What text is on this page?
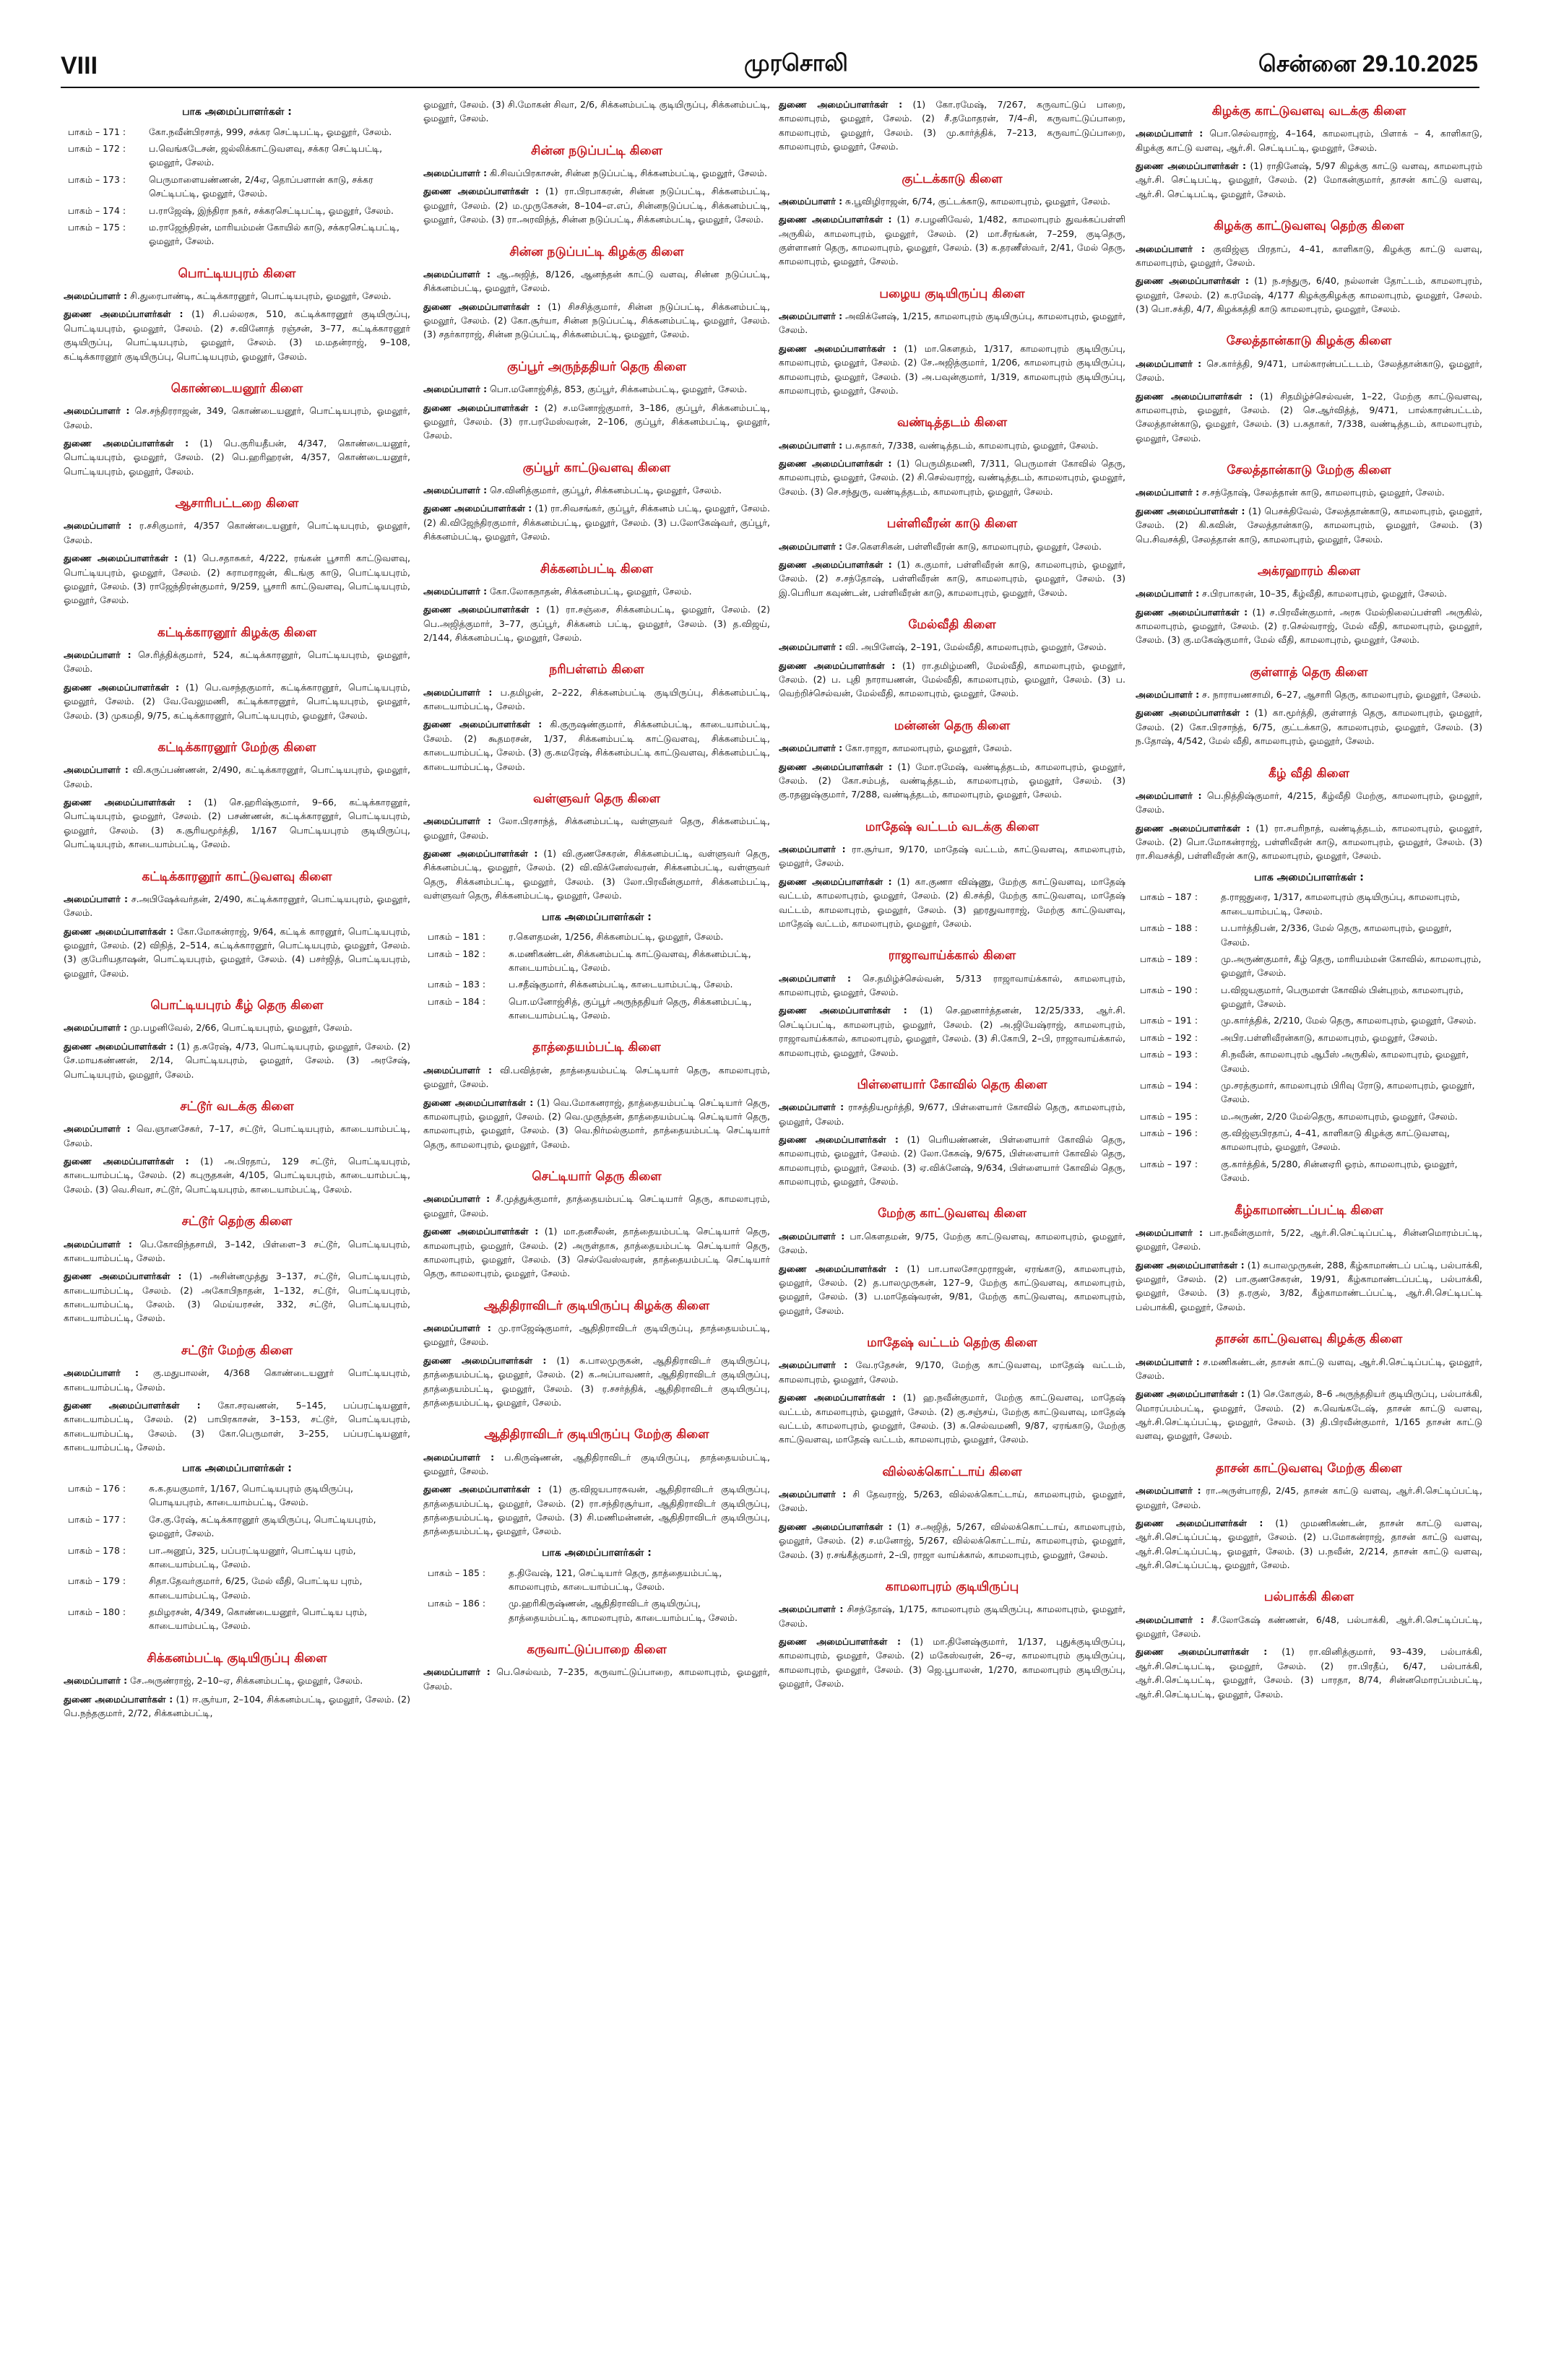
VIII	முரசொலி	சென்னை 29.10.2025
பாக அமைப்பாளர்கள் :
பாகம் – 171 :	கோ.நவீன்பிரசாத், 999, சக்கர செட்டிபட்டி, ஓமலூர், சேலம்.
பாகம் – 172 :	ப.வெங்கடேசன், ஜல்லிக்காட்டுவளவு, சக்கர செட்டிபட்டி, ஓமலூர், சேலம்.
பாகம் – 173 :	பெருமாளையண்ணன், 2/4ஏ, தொப்பளான் காடு, சக்கர செட்டிபட்டி, ஓமலூர், சேலம்.
பாகம் – 174 :	ப.ராஜேஷ், இந்திரா நகர், சக்கரசெட்டிபட்டி, ஓமலூர், சேலம்.
பாகம் – 175 :	ம.ராஜேந்திரன், மாரியம்மன் கோயில் காடு, சக்கரசெட்டிபட்டி, ஓமலூர், சேலம்.
பொட்டியபுரம் கிளை

அமைப்பாளர் : சி.துரைபாண்டி, கட்டிக்காரனூர், பொட்டியபுரம், ஓமலூர், சேலம்.

துணை அமைப்பாளர்கள் : (1) சி.பல்லரசு, 510, கட்டிக்காரனூர் குடியிருப்பு, பொட்டியபுரம், ஓமலூர், சேலம். (2) ச.வினோத் ரஞ்சன், 3–77, கட்டிக்காரனூர் குடியிருப்பு, பொட்டியபுரம், ஓமலூர், சேலம். (3) ம.மதன்ராஜ், 9–108, கட்டிக்காரனூர் குடியிருப்பு, பொட்டியபுரம், ஓமலூர், சேலம்.

கொண்டையனூர் கிளை

அமைப்பாளர் : செ.சந்திரராஜன், 349, கொண்டையனூர், பொட்டியபுரம், ஓமலூர், சேலம்.

துணை அமைப்பாளர்கள் : (1) பெ.குரியதீபன், 4/347, கொண்டையனூர், பொட்டியபுரம், ஓமலூர், சேலம். (2) பெ.ஹரிஹரன், 4/357, கொண்டையனூர், பொட்டியபுரம், ஓமலூர், சேலம்.

ஆசாரிபட்டறை கிளை

அமைப்பாளர் : ர.சசிகுமார், 4/357 கொண்டையனூர், பொட்டியபுரம், ஓமலூர், சேலம்.

துணை அமைப்பாளர்கள் : (1) பெ.சதாசுகர், 4/222, ரங்கன் பூசாரி காட்டுவளவு, பொட்டியபுரம், ஓமலூர், சேலம். (2) சுராமராஜன், கிடங்கு காடு, பொட்டியபுரம், ஓமலூர், சேலம். (3) ராஜேந்திரன்குமார், 9/259, பூசாரி காட்டுவளவு, பொட்டியபுரம், ஓமலூர், சேலம்.

கட்டிக்காரனூர் கிழக்கு கிளை

அமைப்பாளர் : செ.ரித்திக்குமார், 524, கட்டிக்காரனூர், பொட்டியபுரம், ஓமலூர், சேலம்.

துணை அமைப்பாளர்கள் : (1) பெ.வசந்தகுமார், கட்டிக்காரனூர், பொட்டியபுரம், ஓமலூர், சேலம். (2) வே.வேலுமணி, கட்டிக்காரனூர், பொட்டியபுரம், ஓமலூர், சேலம். (3) முகமதி, 9/75, கட்டிக்காரனூர், பொட்டியபுரம், ஓமலூர், சேலம்.

கட்டிக்காரனூர் மேற்கு கிளை

அமைப்பாளர் : வி.கருப்பண்ணன், 2/490, கட்டிக்காரனூர், பொட்டியபுரம், ஓமலூர், சேலம்.

துணை அமைப்பாளர்கள் : (1) செ.ஹரிஷ்குமார், 9–66, கட்டிக்காரனூர், பொட்டியபுரம், ஓமலூர், சேலம். (2) பசண்ணன், கட்டிக்காரனூர், பொட்டியபுரம், ஓமலூர், சேலம். (3) சு.சூரியமூர்த்தி, 1/167 பொட்டியபுரம் குடியிருப்பு, பொட்டியபுரம், காடையாம்பட்டி, சேலம்.

கட்டிக்காரனூர் காட்டுவளவு கிளை

அமைப்பாளர் : ச.அபிஷேக்வர்தன், 2/490, கட்டிக்காரனூர், பொட்டியபுரம், ஓமலூர், சேலம்.

துணை அமைப்பாளர்கள் : கோ.மோகன்ராஜ், 9/64, கட்டிக் காரனூர், பொட்டியபுரம், ஓமலூர், சேலம். (2) விநித், 2–514, கட்டிக்காரனூர், பொட்டியபுரம், ஓமலூர், சேலம். (3) குபேரியதாஷன், பொட்டியபுரம், ஓமலூர், சேலம். (4) பசர்ஜித், பொட்டியபுரம், ஓமலூர், சேலம்.

பொட்டியபுரம் கீழ் தெரு கிளை

அமைப்பாளர் : மு.பழனிவேல், 2/66, பொட்டியபுரம், ஓமலூர், சேலம்.

துணை அமைப்பாளர்கள் : (1) த.சுரேஷ், 4/73, பொட்டியபுரம், ஓமலூர், சேலம். (2) சே.மாயகண்ணன், 2/14, பொட்டியபுரம், ஓமலூர், சேலம். (3) அரசேஷ், பொட்டியபுரம், ஓமலூர், சேலம்.

சட்டூர் வடக்கு கிளை

அமைப்பாளர் : வெ.ஞானசேகர், 7–17, சட்டூர், பொட்டியபுரம், காடையாம்பட்டி, சேலம்.

துணை அமைப்பாளர்கள் : (1) அ.பிரதாப், 129 சட்டூர், பொட்டியபுரம், காடையாம்பட்டி, சேலம். (2) கபுருதகன், 4/105, பொட்டியபுரம், காடையாம்பட்டி, சேலம். (3) வெ.சிவா, சட்டூர், பொட்டியபுரம், காடையாம்பட்டி, சேலம்.

சட்டூர் தெற்கு கிளை

அமைப்பாளர் : பெ.கோவிந்தசாமி, 3–142, பிள்ளை–3 சட்டூர், பொட்டியபுரம், காடையாம்பட்டி, சேலம்.

துணை அமைப்பாளர்கள் : (1) அசின்னமுத்து 3–137, சட்டூர், பொட்டியபுரம், காடையாம்பட்டி, சேலம். (2) அகோபிநாதன், 1–132, சட்டூர், பொட்டியபுரம், காடையாம்பட்டி, சேலம். (3) மெய்யரசன், 332, சட்டூர், பொட்டியபுரம், காடையாம்பட்டி, சேலம்.

சட்டூர் மேற்கு கிளை

அமைப்பாளர் : கு.மதுபாலன், 4/368 கொண்டையனூர் பொட்டியபுரம், காடையாம்பட்டி, சேலம்.

துணை அமைப்பாளர்கள் : கோ.சரவணன், 5–145, பப்பரட்டியனூர், காடையாம்பட்டி, சேலம். (2) பாபிரகாசன், 3–153, சட்டூர், பொட்டியபுரம், காடையாம்பட்டி, சேலம். (3) கோ.பெருமாள், 3–255, பப்பரட்டியனூர், காடையாம்பட்டி, சேலம்.

பாக அமைப்பாளர்கள் :
பாகம் – 176 :	சு.க.தயகுமார், 1/167, பொட்டியபுரம் குடியிருப்பு, பொடியபுரம், காடையாம்பட்டி, சேலம்.
பாகம் – 177 :	சே.கு.ரேஷ், கட்டிக்காரனூர் குடியிருப்பு, பொட்டியபுரம், ஓமலூர், சேலம்.
பாகம் – 178 :	பா.அனூப், 325, பப்பரட்டியனூர், பொட்டிய புரம், காடையாம்பட்டி, சேலம்.
பாகம் – 179 :	சிதா.தேவர்குமார், 6/25, மேல் வீதி, பொட்டிய புரம், காடையாம்பட்டி, சேலம்.
பாகம் – 180 :	தமிழரசன், 4/349, கொண்டையனூர், பொட்டிய புரம், காடையாம்பட்டி, சேலம்.
சிக்கனம்பட்டி குடியிருப்பு கிளை

அமைப்பாளர் : சே.அருண்ராஜ், 2–10–ஏ, சிக்கனம்பட்டி, ஓமலூர், சேலம்.

துணை அமைப்பாளர்கள் : (1) ஈ.சூர்யா, 2–104, சிக்கனம்பட்டி, ஓமலூர், சேலம். (2) பெ.நந்தகுமார், 2/72, சிக்கனம்பட்டி,

ஓமலூர், சேலம். (3) சி.மோகன் சிவா, 2/6, சிக்கனம்பட்டி குடியிருப்பு, சிக்கனம்பட்டி, ஓமலூர், சேலம்.

சின்ன நடுப்பட்டி கிளை

அமைப்பாளர் : கி.சிவப்பிரகாசன், சின்ன நடுப்பட்டி, சிக்கனம்பட்டி, ஓமலூர், சேலம்.

துணை அமைப்பாளர்கள் : (1) ரா.பிரபாகரன், சின்ன நடுப்பட்டி, சிக்கனம்பட்டி, ஓமலூர், சேலம். (2) ம.முருகேசன், 8–104–எ.எப், சின்னநடுப்பட்டி, சிக்கனம்பட்டி, ஓமலூர், சேலம். (3) ரா.அரவிந்த், சின்ன நடுப்பட்டி, சிக்கனம்பட்டி, ஓமலூர், சேலம்.

சின்ன நடுப்பட்டி கிழக்கு கிளை

அமைப்பாளர் : ஆ.அஜித், 8/126, ஆனந்தன் காட்டு வளவு, சின்ன நடுப்பட்டி, சிக்கனம்பட்டி, ஓமலூர், சேலம்.

துணை அமைப்பாளர்கள் : (1) சிசசித்குமார், சின்ன நடுப்பட்டி, சிக்கனம்பட்டி, ஓமலூர், சேலம். (2) கோ.சூர்யா, சின்ன நடுப்பட்டி, சிக்கனம்பட்டி, ஓமலூர், சேலம். (3) சதர்காராஜ், சின்ன நடுப்பட்டி, சிக்கனம்பட்டி, ஓமலூர், சேலம்.

குப்பூர் அருந்ததியர் தெரு கிளை

அமைப்பாளர் : பொ.மனோஜ்சித், 853, குப்பூர், சிக்கனம்பட்டி, ஓமலூர், சேலம்.

துணை அமைப்பாளர்கள் : (2) ச.மனோஜ்குமார், 3–186, குப்பூர், சிக்கனம்பட்டி, ஓமலூர், சேலம். (3) ரா.பரமேஸ்வரன், 2–106, குப்பூர், சிக்கனம்பட்டி, ஓமலூர், சேலம்.

குப்பூர் காட்டுவளவு கிளை

அமைப்பாளர் : செ.வினித்குமார், குப்பூர், சிக்கனம்பட்டி, ஓமலூர், சேலம்.

துணை அமைப்பாளர்கள் : (1) ரா.சிவசங்கர், குப்பூர், சிக்கனம் பட்டி, ஓமலூர், சேலம். (2) கி.விஜேந்திரகுமார், சிக்கனம்பட்டி, ஓமலூர், சேலம். (3) ப.லோகேஷ்வர், குப்பூர், சிக்கனம்பட்டி, ஓமலூர், சேலம்.

சிக்கனம்பட்டி கிளை

அமைப்பாளர் : கோ.லோகநாதன், சிக்கனம்பட்டி, ஓமலூர், சேலம்.

துணை அமைப்பாளர்கள் : (1) ரா.சஞ்சை, சிக்கனம்பட்டி, ஓமலூர், சேலம். (2) பெ.அஜித்குமார், 3–77, குப்பூர், சிக்கனம் பட்டி, ஓமலூர், சேலம். (3) த.விஜய், 2/144, சிக்கனம்பட்டி, ஓமலூர், சேலம்.

நரிபள்ளம் கிளை

அமைப்பாளர் : ப.தமிழன், 2–222, சிக்கனம்பட்டி குடியிருப்பு, சிக்கனம்பட்டி, காடையாம்பட்டி, சேலம்.

துணை அமைப்பாளர்கள் : கி.குருஷண்குமார், சிக்கனம்பட்டி, காடையாம்பட்டி, சேலம். (2) கூதமரசன், 1/37, சிக்கனம்பட்டி காட்டுவளவு, சிக்கனம்பட்டி, காடையாம்பட்டி, சேலம். (3) கு.சுமரேஷ், சிக்கனம்பட்டி காட்டுவளவு, சிக்கனம்பட்டி, காடையாம்பட்டி, சேலம்.

வள்ளுவர் தெரு கிளை

அமைப்பாளர் : லோ.பிரசாந்த், சிக்கனம்பட்டி, வள்ளுவர் தெரு, சிக்கனம்பட்டி, ஓமலூர், சேலம்.

துணை அமைப்பாளர்கள் : (1) வி.குணசேகரன், சிக்கனம்பட்டி, வள்ளுவர் தெரு, சிக்கனம்பட்டி, ஓமலூர், சேலம். (2) வி.விக்னேஸ்வரன், சிக்கனம்பட்டி, வள்ளுவர் தெரு, சிக்கனம்பட்டி, ஓமலூர், சேலம். (3) லோ.பிரவீன்குமார், சிக்கனம்பட்டி, வள்ளுவர் தெரு, சிக்கனம்பட்டி, ஓமலூர், சேலம்.

பாக அமைப்பாளர்கள் :
பாகம் – 181 :	ர.கௌதமன், 1/256, சிக்கனம்பட்டி, ஓமலூர், சேலம்.
பாகம் – 182 :	சு.மணிகண்டன், சிக்கனம்பட்டி காட்டுவளவு, சிக்கனம்பட்டி, காடையாம்பட்டி, சேலம்.
பாகம் – 183 :	ப.சதீஷ்குமார், சிக்கனம்பட்டி, காடையாம்பட்டி, சேலம்.
பாகம் – 184 :	பொ.மனோஜ்சித், குப்பூர் அருந்ததியர் தெரு, சிக்கனம்பட்டி, காடையாம்பட்டி, சேலம்.
தாத்தையம்பட்டி கிளை

அமைப்பாளர் : வி.பவித்ரன், தாத்தையம்பட்டி செட்டியார் தெரு, காமலாபுரம், ஓமலூர், சேலம்.

துணை அமைப்பாளர்கள் : (1) வெ.மோகனராஜ், தாத்தையம்பட்டி செட்டியார் தெரு, காமலாபுரம், ஓமலூர், சேலம். (2) வெ.முகுந்தன், தாத்தையம்பட்டி செட்டியார் தெரு, காமலாபுரம், ஓமலூர், சேலம். (3) வெ.நிர்மல்குமார், தாத்தையம்பட்டி செட்டியார் தெரு, காமலாபுரம், ஓமலூர், சேலம்.

செட்டியார் தெரு கிளை

அமைப்பாளர் : சீ.முத்துக்குமார், தாத்தையம்பட்டி செட்டியார் தெரு, காமலாபுரம், ஓமலூர், சேலம்.

துணை அமைப்பாளர்கள் : (1) மா.தனசீலன், தாத்தையம்பட்டி செட்டியார் தெரு, காமலாபுரம், ஓமலூர், சேலம். (2) அருள்தாசு, தாத்தையம்பட்டி செட்டியார் தெரு, காமலாபுரம், ஓமலூர், சேலம். (3) செல்வேஸ்வரன், தாத்தையம்பட்டி செட்டியார் தெரு, காமலாபுரம், ஓமலூர், சேலம்.

ஆதிதிராவிடர் குடியிருப்பு கிழக்கு கிளை

அமைப்பாளர் : மு.ராஜேஷ்குமார், ஆதிதிராவிடர் குடியிருப்பு, தாத்தையம்பட்டி, ஓமலூர், சேலம்.

துணை அமைப்பாளர்கள் : (1) சு.பாலமுருகன், ஆதிதிராவிடர் குடியிருப்பு, தாத்தையம்பட்டி, ஓமலூர், சேலம். (2) க.அப்பாவணர், ஆதிதிராவிடர் குடியிருப்பு, தாத்தையம்பட்டி, ஓமலூர், சேலம். (3) ர.சசர்த்திக், ஆதிதிராவிடர் குடியிருப்பு, தாத்தையம்பட்டி, ஓமலூர், சேலம்.

ஆதிதிராவிடர் குடியிருப்பு மேற்கு கிளை

அமைப்பாளர் : ப.கிருஷ்ணன், ஆதிதிராவிடர் குடியிருப்பு, தாத்தையம்பட்டி, ஓமலூர், சேலம்.

துணை அமைப்பாளர்கள் : (1) கு.விஜயபாரசுவன், ஆதிதிராவிடர் குடியிருப்பு, தாத்தையம்பட்டி, ஓமலூர், சேலம். (2) ரா.சந்திரசூர்யா, ஆதிதிராவிடர் குடியிருப்பு, தாத்தையம்பட்டி, ஓமலூர், சேலம். (3) சி.மணிமன்னன், ஆதிதிராவிடர் குடியிருப்பு, தாத்தையம்பட்டி, ஓமலூர், சேலம்.

பாக அமைப்பாளர்கள் :
பாகம் – 185 :	த.திவேஷ், 121, செட்டியார் தெரு, தாத்தையம்பட்டி, காமலாபுரம், காடையாம்பட்டி, சேலம்.
பாகம் – 186 :	மு.ஹரிகிருஷ்ணன், ஆதிதிராவிடர் குடியிருப்பு, தாத்தையம்பட்டி, காமலாபுரம், காடையாம்பட்டி, சேலம்.
கருவாட்டுப்பாறை கிளை

அமைப்பாளர் : பெ.செல்வம், 7–235, கருவாட்டுப்பாறை, காமலாபுரம், ஓமலூர், சேலம்.

துணை அமைப்பாளர்கள் : (1) கோ.ரமேஷ், 7/267, கருவாட்டுப் பாறை, காமலாபுரம், ஓமலூர், சேலம். (2) சீ.தமோதரன், 7/4–சி, கருவாட்டுப்பாறை, காமலாபுரம், ஓமலூர், சேலம். (3) மு.கார்த்திக், 7–213, கருவாட்டுப்பாறை, காமலாபுரம், ஓமலூர், சேலம்.

குட்டக்காடு கிளை

அமைப்பாளர் : சு.பூவிழிராஜன், 6/74, குட்டக்காடு, காமலாபுரம், ஓமலூர், சேலம்.

துணை அமைப்பாளர்கள் : (1) ச.பழனிவேல், 1/482, காமலாபுரம் துவக்கப்பள்ளி அருகில், காமலாபுரம், ஓமலூர், சேலம். (2) மா.சீரங்கன், 7–259, குடிதெரு, குள்ளானர் தெரு, காமலாபுரம், ஓமலூர், சேலம். (3) க.தரணீஸ்வர், 2/41, மேல் தெரு, காமலாபுரம், ஓமலூர், சேலம்.

பழைய குடியிருப்பு கிளை

அமைப்பாளர் : அவிக்னேஷ், 1/215, காமலாபுரம் குடியிருப்பு, காமலாபுரம், ஓமலூர், சேலம்.

துணை அமைப்பாளர்கள் : (1) மா.கௌதம், 1/317, காமலாபுரம் குடியிருப்பு, காமலாபுரம், ஓமலூர், சேலம். (2) சே.அஜித்குமார், 1/206, காமலாபுரம் குடியிருப்பு, காமலாபுரம், ஓமலூர், சேலம். (3) அ.பவுன்குமார், 1/319, காமலாபுரம் குடியிருப்பு, காமலாபுரம், ஓமலூர், சேலம்.

வண்டித்தடம் கிளை

அமைப்பாளர் : ப.சுதாகர், 7/338, வண்டித்தடம், காமலாபுரம், ஓமலூர், சேலம்.

துணை அமைப்பாளர்கள் : (1) பெருமிதமணி, 7/311, பெருமாள் கோவில் தெரு, காமலாபுரம், ஓமலூர், சேலம். (2) சி.செல்வராஜ், வண்டித்தடம், காமலாபுரம், ஓமலூர், சேலம். (3) செ.சந்துரு, வண்டித்தடம், காமலாபுரம், ஓமலூர், சேலம்.

பள்ளிவீரன் காடு கிளை

அமைப்பாளர் : சே.கௌசிகன், பள்ளிவீரன் காடு, காமலாபுரம், ஓமலூர், சேலம்.

துணை அமைப்பாளர்கள் : (1) சு.குமார், பள்ளிவீரன் காடு, காமலாபுரம், ஓமலூர், சேலம். (2) ச.சந்தோஷ், பள்ளிவீரன் காடு, காமலாபுரம், ஓமலூர், சேலம். (3) இ.பெரியா கவுண்டன், பள்ளிவீரன் காடு, காமலாபுரம், ஓமலூர், சேலம்.

மேல்வீதி கிளை

அமைப்பாளர் : வி. அபினேஷ், 2–191, மேல்வீதி, காமலாபுரம், ஓமலூர், சேலம்.

துணை அமைப்பாளர்கள் : (1) ரா.தமிழ்மணி, மேல்வீதி, காமலாபுரம், ஓமலூர், சேலம். (2) ப. புதி நாராயணன், மேல்வீதி, காமலாபுரம், ஓமலூர், சேலம். (3) ப. வெற்றிச்செல்வன், மேல்வீதி, காமலாபுரம், ஓமலூர், சேலம்.

மன்னன் தெரு கிளை

அமைப்பாளர் : கோ.ராஜா, காமலாபுரம், ஓமலூர், சேலம்.

துணை அமைப்பாளர்கள் : (1) மோ.ரமேஷ், வண்டித்தடம், காமலாபுரம், ஓமலூர், சேலம். (2) கோ.சம்பத், வண்டித்தடம், காமலாபுரம், ஓமலூர், சேலம். (3) கு.ரதனுஷ்குமார், 7/288, வண்டித்தடம், காமலாபுரம், ஓமலூர், சேலம்.

மாதேஷ் வட்டம் வடக்கு கிளை

அமைப்பாளர் : ரா.சூர்யா, 9/170, மாதேஷ் வட்டம், காட்டுவளவு, காமலாபுரம், ஓமலூர், சேலம்.

துணை அமைப்பாளர்கள் : (1) கா.குணா விஷ்ணு, மேற்கு காட்டுவளவு, மாதேஷ் வட்டம், காமலாபுரம், ஓமலூர், சேலம். (2) கி.சக்தி, மேற்கு காட்டுவளவு, மாதேஷ் வட்டம், காமலாபுரம், ஓமலூர், சேலம். (3) ஹரதுவாராஜ், மேற்கு காட்டுவளவு, மாதேஷ் வட்டம், காமலாபுரம், ஓமலூர், சேலம்.

ராஜாவாய்க்கால் கிளை

அமைப்பாளர் : செ.தமிழ்ச்செல்வன், 5/313 ராஜாவாய்க்கால், காமலாபுரம், காமலாபுரம், ஓமலூர், சேலம்.

துணை அமைப்பாளர்கள் : (1) செ.ஹனார்த்தனன், 12/25/333, ஆர்.சி. செட்டிப்பட்டி, காமலாபுரம், ஓமலூர், சேலம். (2) அ.ஜியேஷ்ராஜ், காமலாபுரம், ராஜாவாய்க்கால், காமலாபுரம், ஓமலூர், சேலம். (3) சி.கோபி, 2–பி, ராஜாவாய்க்கால், காமலாபுரம், ஓமலூர், சேலம்.

பிள்ளையார் கோவில் தெரு கிளை

அமைப்பாளர் : ராசத்தியமூர்த்தி, 9/677, பிள்ளையார் கோவில் தெரு, காமலாபுரம், ஓமலூர், சேலம்.

துணை அமைப்பாளர்கள் : (1) பெரியண்ணன், பிள்ளையார் கோவில் தெரு, காமலாபுரம், ஓமலூர், சேலம். (2) லோ.கேசுஷ், 9/675, பிள்ளையார் கோவில் தெரு, காமலாபுரம், ஓமலூர், சேலம். (3) ஏ.விக்னேஷ், 9/634, பிள்ளையார் கோவில் தெரு, காமலாபுரம், ஓமலூர், சேலம்.

மேற்கு காட்டுவளவு கிளை

அமைப்பாளர் : பா.கௌதமன், 9/75, மேற்கு காட்டுவளவு, காமலாபுரம், ஓமலூர், சேலம்.

துணை அமைப்பாளர்கள் : (1) பா.பாலசோமுராஜன், ஏரங்காடு, காமலாபுரம், ஓமலூர், சேலம். (2) த.பாலமுருகன், 127–9, மேற்கு காட்டுவளவு, காமலாபுரம், ஓமலூர், சேலம். (3) ப.மாதேஷ்வரன், 9/81, மேற்கு காட்டுவளவு, காமலாபுரம், ஓமலூர், சேலம்.

மாதேஷ் வட்டம் தெற்கு கிளை

அமைப்பாளர் : வே.ரதேசன், 9/170, மேற்கு காட்டுவளவு, மாதேஷ் வட்டம், காமலாபுரம், ஓமலூர், சேலம்.

துணை அமைப்பாளர்கள் : (1) ஹ.நவீன்குமார், மேற்கு காட்டுவளவு, மாதேஷ் வட்டம், காமலாபுரம், ஓமலூர், சேலம். (2) கு.சஞ்சய், மேற்கு காட்டுவளவு, மாதேஷ் வட்டம், காமலாபுரம், ஓமலூர், சேலம். (3) சு.செல்வமணி, 9/87, ஏரங்காடு, மேற்கு காட்டுவளவு, மாதேஷ் வட்டம், காமலாபுரம், ஓமலூர், சேலம்.

வில்லக்கொட்டாய் கிளை

அமைப்பாளர் : சி தேவராஜ், 5/263, வில்லக்கொட்டாய், காமலாபுரம், ஓமலூர், சேலம்.

துணை அமைப்பாளர்கள் : (1) ச.அஜித், 5/267, வில்லக்கொட்டாய், காமலாபுரம், ஓமலூர், சேலம். (2) ச.மனோஜ், 5/267, வில்லக்கொட்டாய், காமலாபுரம், ஓமலூர், சேலம். (3) ர.சங்கீத்குமார், 2–பி, ராஜா வாய்க்கால், காமலாபுரம், ஓமலூர், சேலம்.

காமலாபுரம் குடியிருப்பு

அமைப்பாளர் : சிசந்தோஷ், 1/175, காமலாபுரம் குடியிருப்பு, காமலாபுரம், ஓமலூர், சேலம்.

துணை அமைப்பாளர்கள் : (1) மா.தினேஷ்குமார், 1/137, புதுக்குடியிருப்பு, காமலாபுரம், ஓமலூர், சேலம். (2) மகேஸ்வரன், 26–ஏ, காமலாபுரம் குடியிருப்பு, காமலாபுரம், ஓமலூர், சேலம். (3) ஜெ.பூபாலன், 1/270, காமலாபுரம் குடியிருப்பு, ஓமலூர், சேலம்.

கிழக்கு காட்டுவளவு வடக்கு கிளை

அமைப்பாளர் : பொ.செல்வராஜ், 4–164, காமலாபுரம், பிளாக் – 4, காளிகாடு, கிழக்கு காட்டு வளவு, ஆர்.சி. செட்டிபட்டி, ஓமலூர், சேலம்.

துணை அமைப்பாளர்கள் : (1) ராதினேஷ், 5/97 கிழக்கு காட்டு வளவு, காமலாபுரம் ஆர்.சி. செட்டிபட்டி, ஓமலூர், சேலம். (2) மோகன்குமார், தாசன் காட்டு வளவு, ஆர்.சி. செட்டிபட்டி, ஓமலூர், சேலம்.

கிழக்கு காட்டுவளவு தெற்கு கிளை

அமைப்பாளர் : குவிஜ்ஞ பிரதாப், 4–41, காளிகாடு, கிழக்கு காட்டு வளவு, காமலாபுரம், ஓமலூர், சேலம்.

துணை அமைப்பாளர்கள் : (1) ந.சந்துரு, 6/40, நல்லான் தோட்டம், காமலாபுரம், ஓமலூர், சேலம். (2) க.ரமேஷ், 4/177 கிழக்குகிழக்கு காமலாபுரம், ஓமலூர், சேலம். (3) பொ.சக்தி, 4/7, கிழக்கத்தி காடு காமலாபுரம், ஓமலூர், சேலம்.

சேலத்தான்காடு கிழக்கு கிளை

அமைப்பாளர் : செ.கார்த்தி, 9/471, பால்காரன்பட்டடம், சேலத்தான்காடு, ஓமலூர், சேலம்.

துணை அமைப்பாளர்கள் : (1) சிதமிழ்ச்செல்வன், 1–22, மேற்கு காட்டுவளவு, காமலாபுரம், ஓமலூர், சேலம். (2) செ.ஆர்வித்த், 9/471, பால்காரன்பட்டம், சேலத்தான்காடு, ஓமலூர், சேலம். (3) ப.சுதாகர், 7/338, வண்டித்தடம், காமலாபுரம், ஓமலூர், சேலம்.

சேலத்தான்காடு மேற்கு கிளை

அமைப்பாளர் : ச.சந்தோஷ், சேலத்தான் காடு, காமலாபுரம், ஓமலூர், சேலம்.

துணை அமைப்பாளர்கள் : (1) பெசக்திவேல், சேலத்தான்காடு, காமலாபுரம், ஓமலூர், சேலம். (2) கி.கவின், சேலத்தான்காடு, காமலாபுரம், ஓமலூர், சேலம். (3) பெ.சிவசக்தி, சேலத்தான் காடு, காமலாபுரம், ஓமலூர், சேலம்.

அக்ரஹாரம் கிளை

அமைப்பாளர் : ச.பிரபாகரன், 10–35, கீழ்வீதி, காமலாபுரம், ஓமலூர், சேலம்.

துணை அமைப்பாளர்கள் : (1) ச.பிரவீன்குமார், அரசு மேல்நிலைப்பள்ளி அருகில், காமலாபுரம், ஓமலூர், சேலம். (2) ர.செல்வராஜ், மேல் வீதி, காமலாபுரம், ஓமலூர், சேலம். (3) கு.மகேஷ்குமார், மேல் வீதி, காமலாபுரம், ஓமலூர், சேலம்.

குள்ளாத் தெரு கிளை

அமைப்பாளர் : ச. நாராயணசாமி, 6–27, ஆசாரி தெரு, காமலாபுரம், ஓமலூர், சேலம்.

துணை அமைப்பாளர்கள் : (1) கா.மூர்த்தி, குள்ளாத் தெரு, காமலாபுரம், ஓமலூர், சேலம். (2) கோ.பிரசாந்த், 6/75, குட்டக்காடு, காமலாபுரம், ஓமலூர், சேலம். (3) ந.தோஷ், 4/542, மேல் வீதி, காமலாபுரம், ஓமலூர், சேலம்.

கீழ் வீதி கிளை

அமைப்பாளர் : பெ.நித்திஷ்குமார், 4/215, கீழ்வீதி மேற்கு, காமலாபுரம், ஓமலூர், சேலம்.

துணை அமைப்பாளர்கள் : (1) ரா.சபரிநாத், வண்டித்தடம், காமலாபுரம், ஓமலூர், சேலம். (2) பொ.மோகன்ராஜ், பள்ளிவீரன் காடு, காமலாபுரம், ஓமலூர், சேலம். (3) ரா.சிவசக்தி, பள்ளிவீரன் காடு, காமலாபுரம், ஓமலூர், சேலம்.

பாக அமைப்பாளர்கள் :
பாகம் – 187 :	த.ராஜதுரை, 1/317, காமலாபுரம் குடியிருப்பு, காமலாபுரம், காடையாம்பட்டி, சேலம்.
பாகம் – 188 :	ப.பார்த்திபன், 2/336, மேல் தெரு, காமலாபுரம், ஓமலூர், சேலம்.
பாகம் – 189 :	மு.அருண்குமார், கீழ் தெரு, மாரியம்மன் கோவில், காமலாபுரம், ஓமலூர், சேலம்.
பாகம் – 190 :	ப.விஜயகுமார், பெருமாள் கோவில் பின்புறம், காமலாபுரம், ஓமலூர், சேலம்.
பாகம் – 191 :	மு.கார்த்திக், 2/210, மேல் தெரு, காமலாபுரம், ஓமலூர், சேலம்.
பாகம் – 192 :	அபிர.பள்ளிவீரன்காடு, காமலாபுரம், ஓமலூர், சேலம்.
பாகம் – 193 :	சி.நவீன், காமலாபுரம் ஆபீஸ் அருகில், காமலாபுரம், ஓமலூர், சேலம்.
பாகம் – 194 :	மு.சரத்குமார், காமலாபுரம் பிரிவு ரோடு, காமலாபுரம், ஓமலூர், சேலம்.
பாகம் – 195 :	ம.அருண், 2/20 மேல்தெரு, காமலாபுரம், ஓமலூர், சேலம்.
பாகம் – 196 :	கு.விஜ்ஞபிரதாப், 4–41, காளிகாடு கிழக்கு காட்டுவளவு, காமலாபுரம், ஓமலூர், சேலம்.
பாகம் – 197 :	கு.கார்த்திக், 5/280, சின்னஏரி ஓரம், காமலாபுரம், ஓமலூர், சேலம்.
கீழ்காமாண்டப்பட்டி கிளை

அமைப்பாளர் : பா.நவீன்குமார், 5/22, ஆர்.சி.செட்டிப்பட்டி, சின்னமொரம்பட்டி, ஓமலூர், சேலம்.

துணை அமைப்பாளர்கள் : (1) சுபாலமுருகன், 288, கீழ்காமாண்டப் பட்டி, பல்பாக்கி, ஓமலூர், சேலம். (2) பா.குணசேகரன், 19/91, கீழ்காமாண்டப்பட்டி, பல்பாக்கி, ஓமலூர், சேலம். (3) த.ரகுல், 3/82, கீழ்காமாண்டப்பட்டி, ஆர்.சி.செட்டிபட்டி பல்பாக்கி, ஓமலூர், சேலம்.

தாசன் காட்டுவளவு கிழக்கு கிளை

அமைப்பாளர் : ச.மணிகண்டன், தாசன் காட்டு வளவு, ஆர்.சி.செட்டிப்பட்டி, ஓமலூர், சேலம்.

துணை அமைப்பாளர்கள் : (1) செ.கோகுல், 8–6 அருந்ததியர் குடியிருப்பு, பல்பாக்கி, மொரப்பம்பட்டி, ஓமலூர், சேலம். (2) சு.வெங்கடேஷ், தாசன் காட்டு வளவு, ஆர்.சி.செட்டிப்பட்டி, ஓமலூர், சேலம். (3) தி.பிரவீன்குமார், 1/165 தாசன் காட்டு வளவு, ஓமலூர், சேலம்.

தாசன் காட்டுவளவு மேற்கு கிளை

அமைப்பாளர் : ரா.அருள்பாரதி, 2/45, தாசன் காட்டு வளவு, ஆர்.சி.செட்டிப்பட்டி, ஓமலூர், சேலம்.

துணை அமைப்பாளர்கள் : (1) முமணிகண்டன், தாசன் காட்டு வளவு, ஆர்.சி.செட்டிப்பட்டி, ஓமலூர், சேலம். (2) ப.மோகன்ராஜ், தாசன் காட்டு வளவு, ஆர்.சி.செட்டிப்பட்டி, ஓமலூர், சேலம். (3) ப.நவீன், 2/214, தாசன் காட்டு வளவு, ஆர்.சி.செட்டிப்பட்டி, ஓமலூர், சேலம்.

பல்பாக்கி கிளை

அமைப்பாளர் : சீ.லோகேஷ் கண்ணன், 6/48, பல்பாக்கி, ஆர்.சி.செட்டிப்பட்டி, ஓமலூர், சேலம்.

துணை அமைப்பாளர்கள் : (1) ரா.வினித்குமார், 93–439, பல்பாக்கி, ஆர்.சி.செட்டிபட்டி, ஓமலூர், சேலம். (2) ரா.பிரதீப், 6/47, பல்பாக்கி, ஆர்.சி.செட்டிபட்டி, ஓமலூர், சேலம். (3) பாரதா, 8/74, சின்னமொரப்பம்பட்டி, ஆர்.சி.செட்டிபட்டி, ஓமலூர், சேலம்.
